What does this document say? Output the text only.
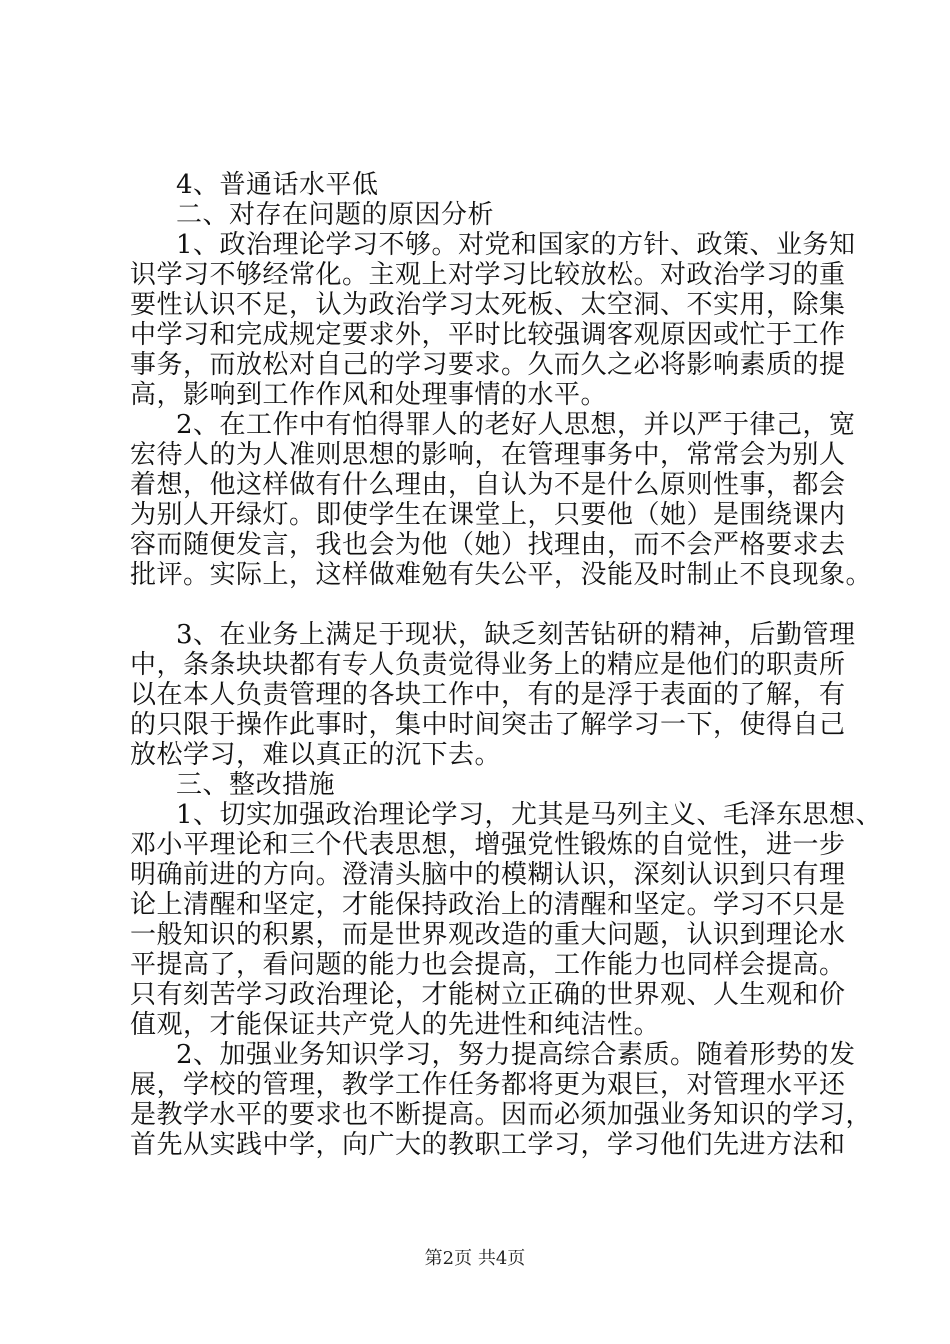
4、普通话水平低
二、对存在问题的原因分析
1、政治理论学习不够。对党和国家的方针、政策、业务知
识学习不够经常化。主观上对学习比较放松。对政治学习的重
要性认识不足，认为政治学习太死板、太空洞、不实用，除集
中学习和完成规定要求外，平时比较强调客观原因或忙于工作
事务，而放松对自己的学习要求。久而久之必将影响素质的提
高，影响到工作作风和处理事情的水平。
2、在工作中有怕得罪人的老好人思想，并以严于律己，宽
宏待人的为人准则思想的影响，在管理事务中，常常会为别人
着想，他这样做有什么理由，自认为不是什么原则性事，都会
为别人开绿灯。即使学生在课堂上，只要他（她）是围绕课内
容而随便发言，我也会为他（她）找理由，而不会严格要求去
批评。实际上，这样做难勉有失公平，没能及时制止不良现象。
3、在业务上满足于现状，缺乏刻苦钻研的精神，后勤管理
中，条条块块都有专人负责觉得业务上的精应是他们的职责所
以在本人负责管理的各块工作中，有的是浮于表面的了解，有
的只限于操作此事时，集中时间突击了解学习一下，使得自己
放松学习，难以真正的沉下去。
三、整改措施
1、切实加强政治理论学习，尤其是马列主义、毛泽东思想、
邓小平理论和三个代表思想，增强党性锻炼的自觉性，进一步
明确前进的方向。澄清头脑中的模糊认识，深刻认识到只有理
论上清醒和坚定，才能保持政治上的清醒和坚定。学习不只是
一般知识的积累，而是世界观改造的重大问题，认识到理论水
平提高了，看问题的能力也会提高，工作能力也同样会提高。
只有刻苦学习政治理论，才能树立正确的世界观、人生观和价
值观，才能保证共产党人的先进性和纯洁性。
2、加强业务知识学习，努力提高综合素质。随着形势的发
展，学校的管理，教学工作任务都将更为艰巨，对管理水平还
是教学水平的要求也不断提高。因而必须加强业务知识的学习，
首先从实践中学，向广大的教职工学习，学习他们先进方法和
第2页 共4页
